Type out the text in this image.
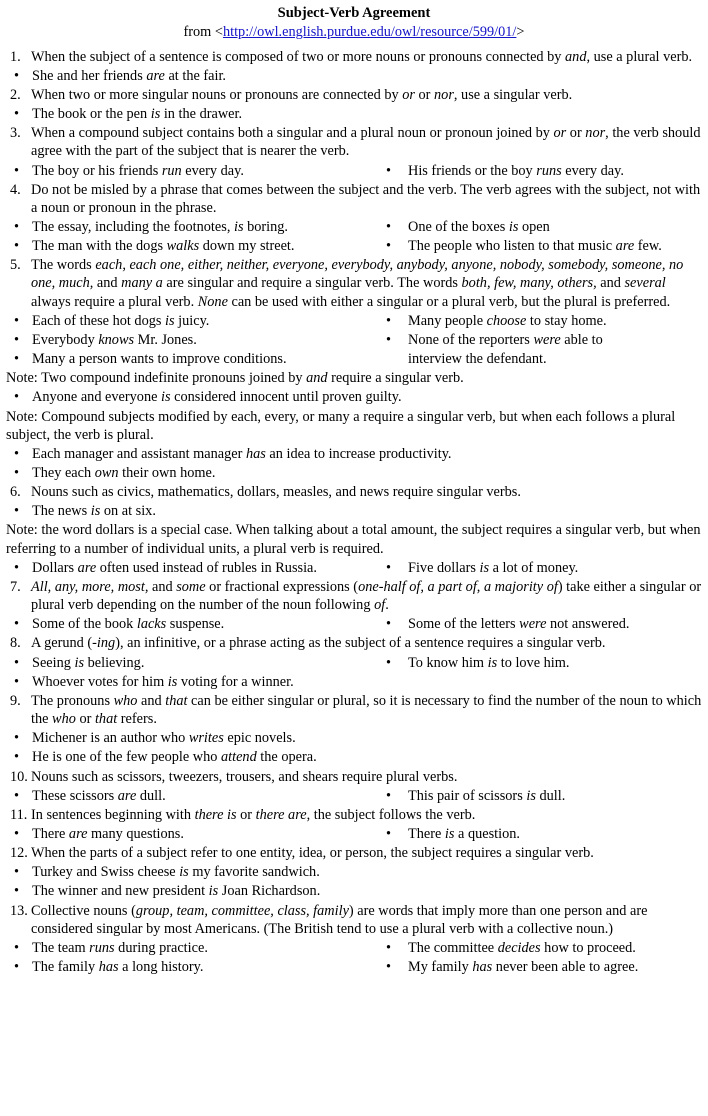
Subject-Verb Agreement
from <http://owl.english.purdue.edu/owl/resource/599/01/>
1. When the subject of a sentence is composed of two or more nouns or pronouns connected by and, use a plural verb.
• She and her friends are at the fair.
2. When two or more singular nouns or pronouns are connected by or or nor, use a singular verb.
• The book or the pen is in the drawer.
3. When a compound subject contains both a singular and a plural noun or pronoun joined by or or nor, the verb should agree with the part of the subject that is nearer the verb.
• The boy or his friends run every day.	•	His friends or the boy runs every day.
4. Do not be misled by a phrase that comes between the subject and the verb. The verb agrees with the subject, not with a noun or pronoun in the phrase.
• The essay, including the footnotes, is boring.	•	One of the boxes is open
• The man with the dogs walks down my street.	•	The people who listen to that music are few.
5. The words each, each one, either, neither, everyone, everybody, anybody, anyone, nobody, somebody, someone, no one, much, and many a are singular and require a singular verb. The words both, few, many, others, and several always require a plural verb. None can be used with either a singular or a plural verb, but the plural is preferred.
• Each of these hot dogs is juicy.	•	Many people choose to stay home.
• Everybody knows Mr. Jones.	•	None of the reporters were able to
• Many a person wants to improve conditions.	interview the defendant.
Note: Two compound indefinite pronouns joined by and require a singular verb.
• Anyone and everyone is considered innocent until proven guilty.
Note: Compound subjects modified by each, every, or many a require a singular verb, but when each follows a plural subject, the verb is plural.
• Each manager and assistant manager has an idea to increase productivity.
• They each own their own home.
6. Nouns such as civics, mathematics, dollars, measles, and news require singular verbs.
• The news is on at six.
Note: the word dollars is a special case. When talking about a total amount, the subject requires a singular verb, but when referring to a number of individual units, a plural verb is required.
• Dollars are often used instead of rubles in Russia.	•	Five dollars is a lot of money.
7. All, any, more, most, and some or fractional expressions (one-half of, a part of, a majority of) take either a singular or plural verb depending on the number of the noun following of.
• Some of the book lacks suspense.	•	Some of the letters were not answered.
8. A gerund (-ing), an infinitive, or a phrase acting as the subject of a sentence requires a singular verb.
• Seeing is believing.	•	To know him is to love him.
• Whoever votes for him is voting for a winner.
9. The pronouns who and that can be either singular or plural, so it is necessary to find the number of the noun to which the who or that refers.
• Michener is an author who writes epic novels.
• He is one of the few people who attend the opera.
10. Nouns such as scissors, tweezers, trousers, and shears require plural verbs.
• These scissors are dull.	•	This pair of scissors is dull.
11. In sentences beginning with there is or there are, the subject follows the verb.
• There are many questions.	•	There is a question.
12. When the parts of a subject refer to one entity, idea, or person, the subject requires a singular verb.
• Turkey and Swiss cheese is my favorite sandwich.
• The winner and new president is Joan Richardson.
13. Collective nouns (group, team, committee, class, family) are words that imply more than one person and are considered singular by most Americans. (The British tend to use a plural verb with a collective noun.)
• The team runs during practice.	•	The committee decides how to proceed.
• The family has a long history.	•	My family has never been able to agree.
